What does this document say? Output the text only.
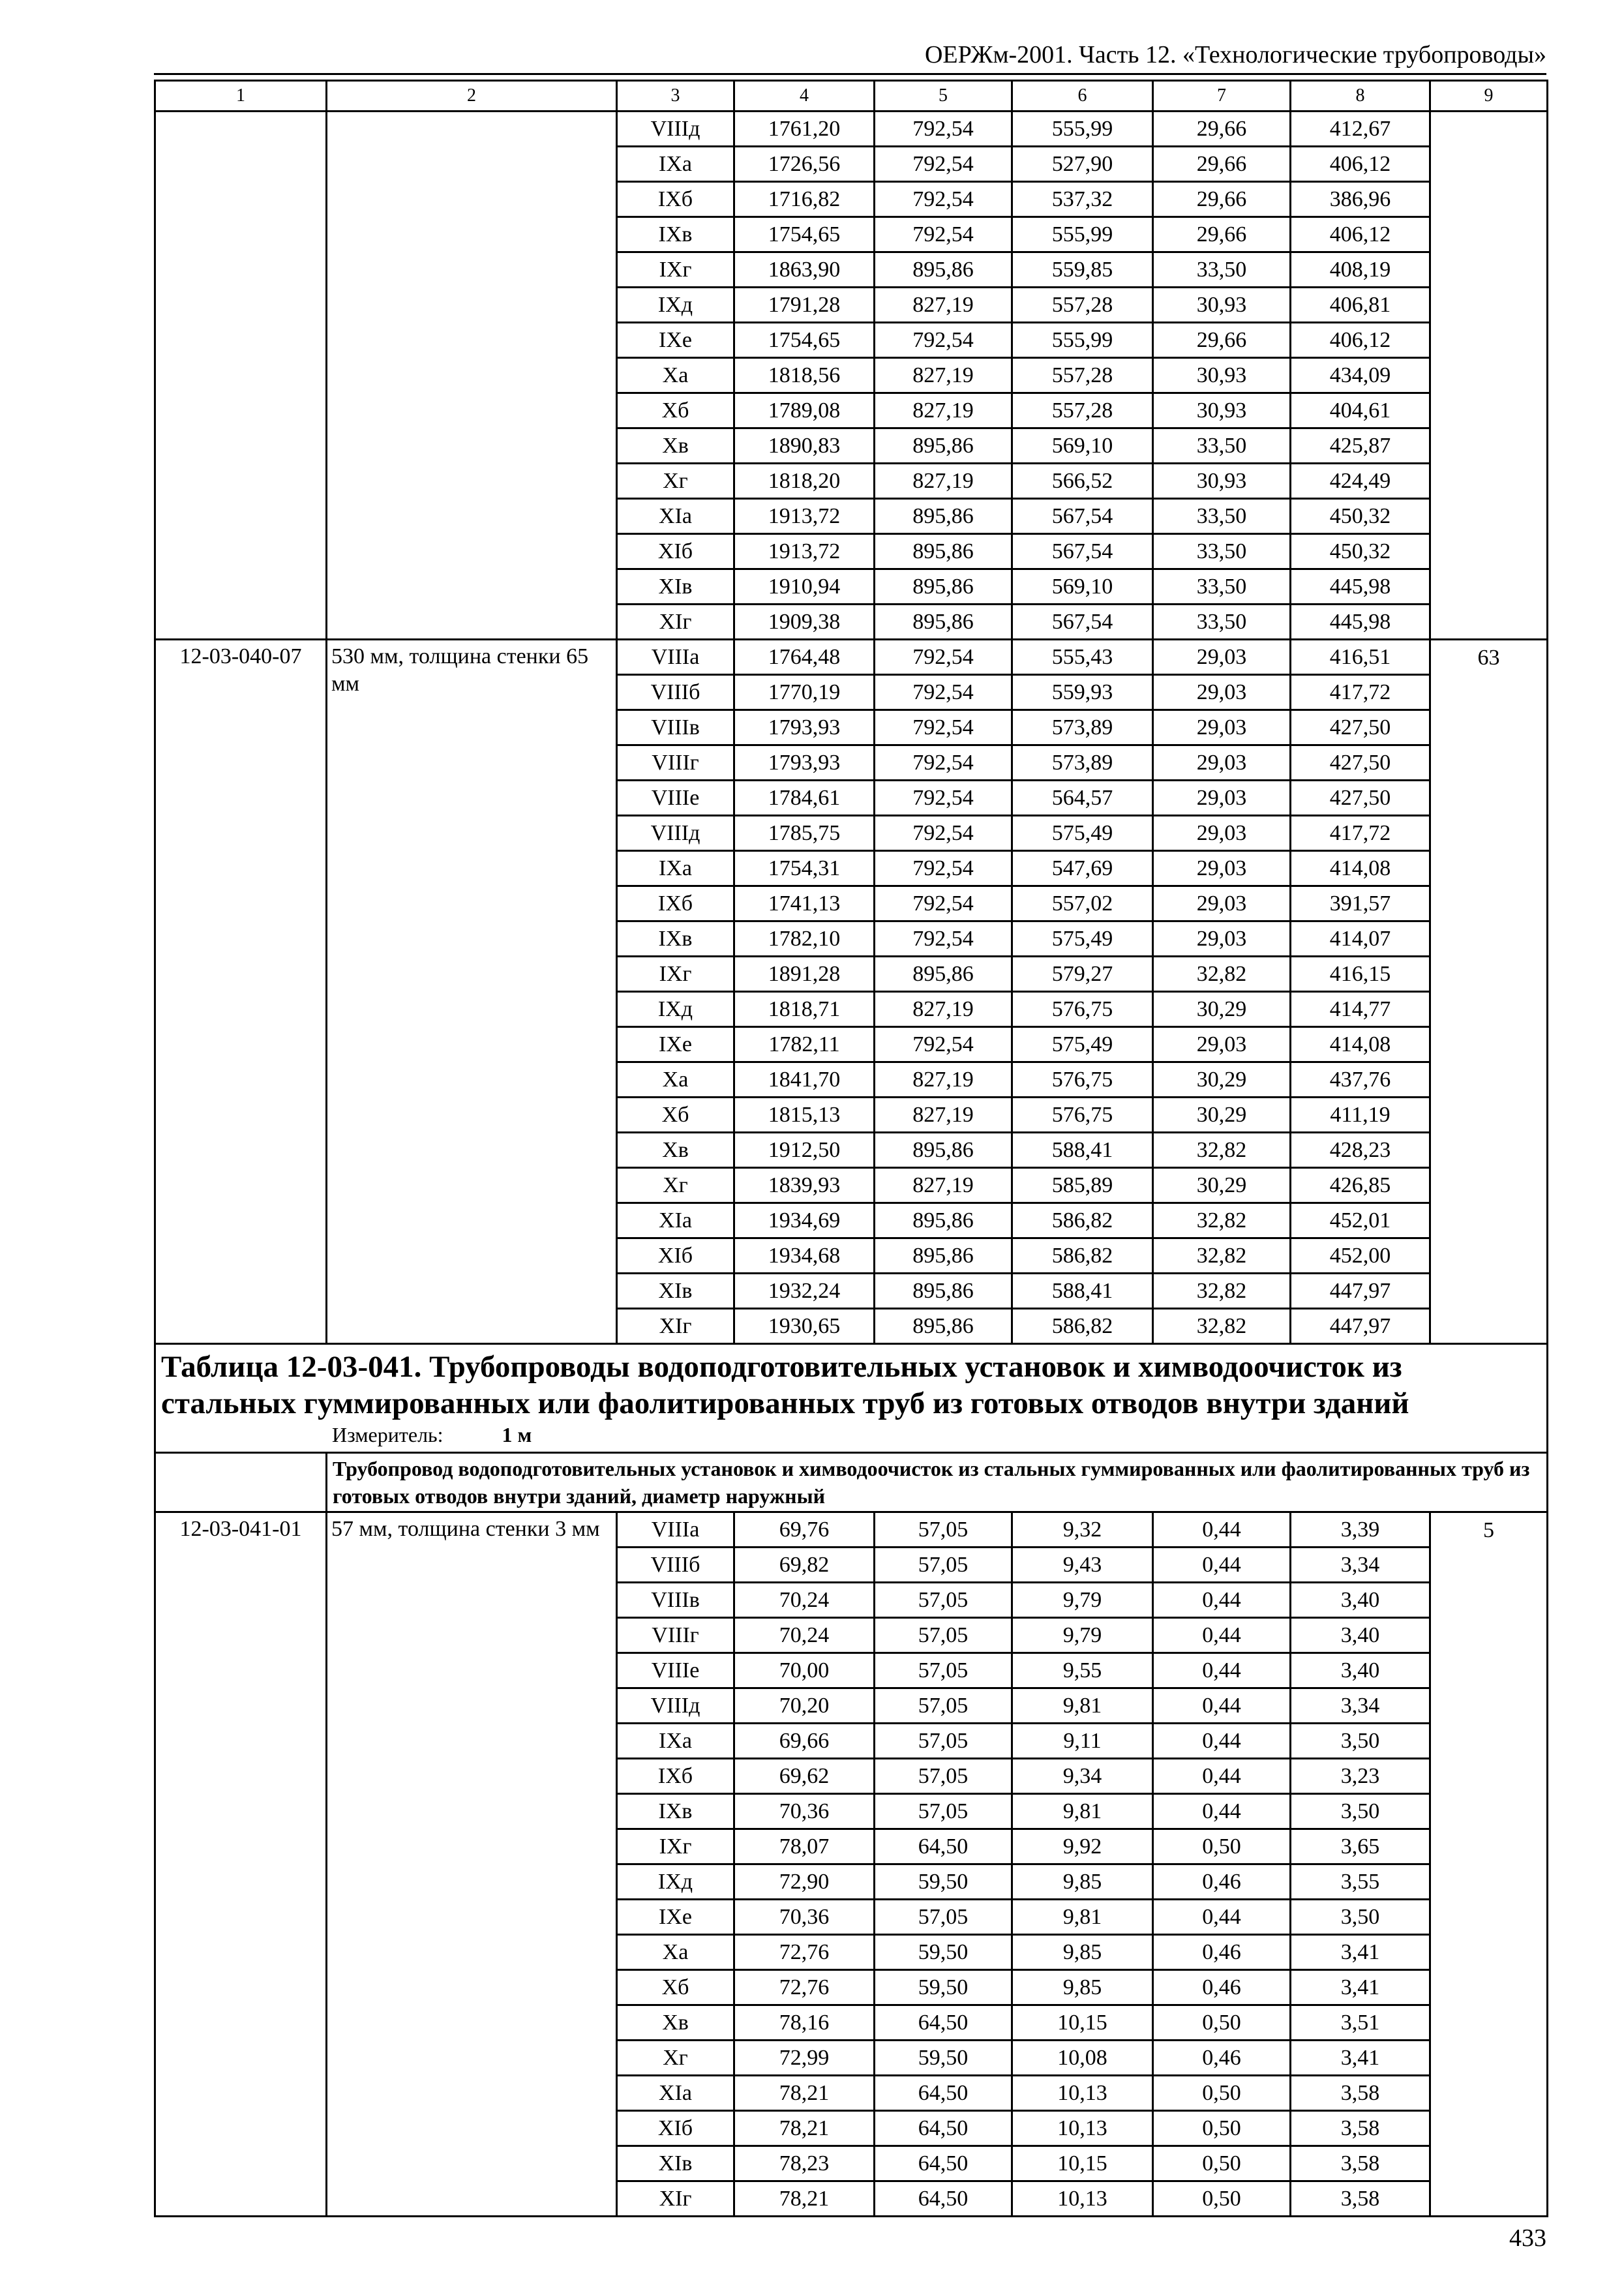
ОЕРЖм-2001. Часть 12. «Технологические трубопроводы»
1	2	3	4	5	6	7	8	9
		VIIIд	1761,20	792,54	555,99	29,66	412,67	
		IXа	1726,56	792,54	527,90	29,66	406,12	
		IXб	1716,82	792,54	537,32	29,66	386,96	
		IXв	1754,65	792,54	555,99	29,66	406,12	
		IXг	1863,90	895,86	559,85	33,50	408,19	
		IXд	1791,28	827,19	557,28	30,93	406,81	
		IXе	1754,65	792,54	555,99	29,66	406,12	
		Xа	1818,56	827,19	557,28	30,93	434,09	
		Xб	1789,08	827,19	557,28	30,93	404,61	
		Xв	1890,83	895,86	569,10	33,50	425,87	
		Xг	1818,20	827,19	566,52	30,93	424,49	
		XIа	1913,72	895,86	567,54	33,50	450,32	
		XIб	1913,72	895,86	567,54	33,50	450,32	
		XIв	1910,94	895,86	569,10	33,50	445,98	
		XIг	1909,38	895,86	567,54	33,50	445,98	
12-03-040-07	530 мм, толщина стенки 65 мм	VIIIа	1764,48	792,54	555,43	29,03	416,51	63
		VIIIб	1770,19	792,54	559,93	29,03	417,72	
		VIIIв	1793,93	792,54	573,89	29,03	427,50	
		VIIIг	1793,93	792,54	573,89	29,03	427,50	
		VIIIе	1784,61	792,54	564,57	29,03	427,50	
		VIIIд	1785,75	792,54	575,49	29,03	417,72	
		IXа	1754,31	792,54	547,69	29,03	414,08	
		IXб	1741,13	792,54	557,02	29,03	391,57	
		IXв	1782,10	792,54	575,49	29,03	414,07	
		IXг	1891,28	895,86	579,27	32,82	416,15	
		IXд	1818,71	827,19	576,75	30,29	414,77	
		IXе	1782,11	792,54	575,49	29,03	414,08	
		Xа	1841,70	827,19	576,75	30,29	437,76	
		Xб	1815,13	827,19	576,75	30,29	411,19	
		Xв	1912,50	895,86	588,41	32,82	428,23	
		Xг	1839,93	827,19	585,89	30,29	426,85	
		XIа	1934,69	895,86	586,82	32,82	452,01	
		XIб	1934,68	895,86	586,82	32,82	452,00	
		XIв	1932,24	895,86	588,41	32,82	447,97	
		XIг	1930,65	895,86	586,82	32,82	447,97	

Таблица 12-03-041. Трубопроводы водоподготовительных установок и химводоочисток из стальных гуммированных или фаолитированных труб из готовых отводов внутри зданий
Измеритель: 1 м								

	Трубопровод водоподготовительных установок и химводоочисток из стальных гуммированных или фаолитированных труб из готовых отводов внутри зданий, диаметр наружный							
12-03-041-01	57 мм, толщина стенки 3 мм	VIIIа	69,76	57,05	9,32	0,44	3,39	5
		VIIIб	69,82	57,05	9,43	0,44	3,34	
		VIIIв	70,24	57,05	9,79	0,44	3,40	
		VIIIг	70,24	57,05	9,79	0,44	3,40	
		VIIIе	70,00	57,05	9,55	0,44	3,40	
		VIIIд	70,20	57,05	9,81	0,44	3,34	
		IXа	69,66	57,05	9,11	0,44	3,50	
		IXб	69,62	57,05	9,34	0,44	3,23	
		IXв	70,36	57,05	9,81	0,44	3,50	
		IXг	78,07	64,50	9,92	0,50	3,65	
		IXд	72,90	59,50	9,85	0,46	3,55	
		IXе	70,36	57,05	9,81	0,44	3,50	
		Xа	72,76	59,50	9,85	0,46	3,41	
		Xб	72,76	59,50	9,85	0,46	3,41	
		Xв	78,16	64,50	10,15	0,50	3,51	
		Xг	72,99	59,50	10,08	0,46	3,41	
		XIа	78,21	64,50	10,13	0,50	3,58	
		XIб	78,21	64,50	10,13	0,50	3,58	
		XIв	78,23	64,50	10,15	0,50	3,58	
		XIг	78,21	64,50	10,13	0,50	3,58	
433
